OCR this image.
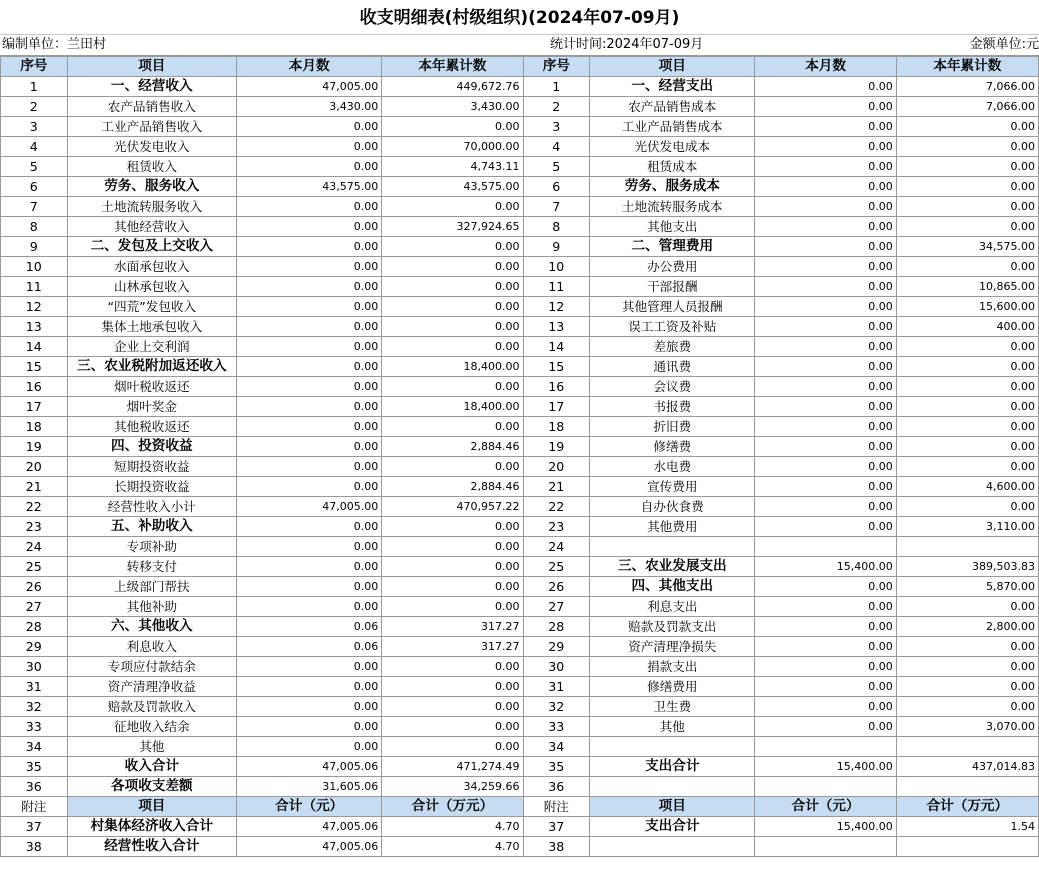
收支明细表(村级组织)(2024年07-09月)
编制单位：兰田村	统计时间:2024年07-09月	金额单位:元
序号	项目	本月数	本年累计数	序号	项目	本月数	本年累计数
1	一、经营收入	47,005.00	449,672.76	1	一、经营支出	0.00	7,066.00
2	农产品销售收入	3,430.00	3,430.00	2	农产品销售成本	0.00	7,066.00
3	工业产品销售收入	0.00	0.00	3	工业产品销售成本	0.00	0.00
4	光伏发电收入	0.00	70,000.00	4	光伏发电成本	0.00	0.00
5	租赁收入	0.00	4,743.11	5	租赁成本	0.00	0.00
6	劳务、服务收入	43,575.00	43,575.00	6	劳务、服务成本	0.00	0.00
7	土地流转服务收入	0.00	0.00	7	土地流转服务成本	0.00	0.00
8	其他经营收入	0.00	327,924.65	8	其他支出	0.00	0.00
9	二、发包及上交收入	0.00	0.00	9	二、管理费用	0.00	34,575.00
10	水面承包收入	0.00	0.00	10	办公费用	0.00	0.00
11	山林承包收入	0.00	0.00	11	干部报酬	0.00	10,865.00
12	“四荒”发包收入	0.00	0.00	12	其他管理人员报酬	0.00	15,600.00
13	集体土地承包收入	0.00	0.00	13	误工工资及补贴	0.00	400.00
14	企业上交利润	0.00	0.00	14	差旅费	0.00	0.00
15	三、农业税附加返还收入	0.00	18,400.00	15	通讯费	0.00	0.00
16	烟叶税收返还	0.00	0.00	16	会议费	0.00	0.00
17	烟叶奖金	0.00	18,400.00	17	书报费	0.00	0.00
18	其他税收返还	0.00	0.00	18	折旧费	0.00	0.00
19	四、投资收益	0.00	2,884.46	19	修缮费	0.00	0.00
20	短期投资收益	0.00	0.00	20	水电费	0.00	0.00
21	长期投资收益	0.00	2,884.46	21	宣传费用	0.00	4,600.00
22	经营性收入小计	47,005.00	470,957.22	22	自办伙食费	0.00	0.00
23	五、补助收入	0.00	0.00	23	其他费用	0.00	3,110.00
24	专项补助	0.00	0.00	24			
25	转移支付	0.00	0.00	25	三、农业发展支出	15,400.00	389,503.83
26	上级部门帮扶	0.00	0.00	26	四、其他支出	0.00	5,870.00
27	其他补助	0.00	0.00	27	利息支出	0.00	0.00
28	六、其他收入	0.06	317.27	28	赔款及罚款支出	0.00	2,800.00
29	利息收入	0.06	317.27	29	资产清理净损失	0.00	0.00
30	专项应付款结余	0.00	0.00	30	捐款支出	0.00	0.00
31	资产清理净收益	0.00	0.00	31	修缮费用	0.00	0.00
32	赔款及罚款收入	0.00	0.00	32	卫生费	0.00	0.00
33	征地收入结余	0.00	0.00	33	其他	0.00	3,070.00
34	其他	0.00	0.00	34			
35	收入合计	47,005.06	471,274.49	35	支出合计	15,400.00	437,014.83
36	各项收支差额	31,605.06	34,259.66	36			
附注	项目	合计（元）	合计（万元）	附注	项目	合计（元）	合计（万元）
37	村集体经济收入合计	47,005.06	4.70	37	支出合计	15,400.00	1.54
38	经营性收入合计	47,005.06	4.70	38			
